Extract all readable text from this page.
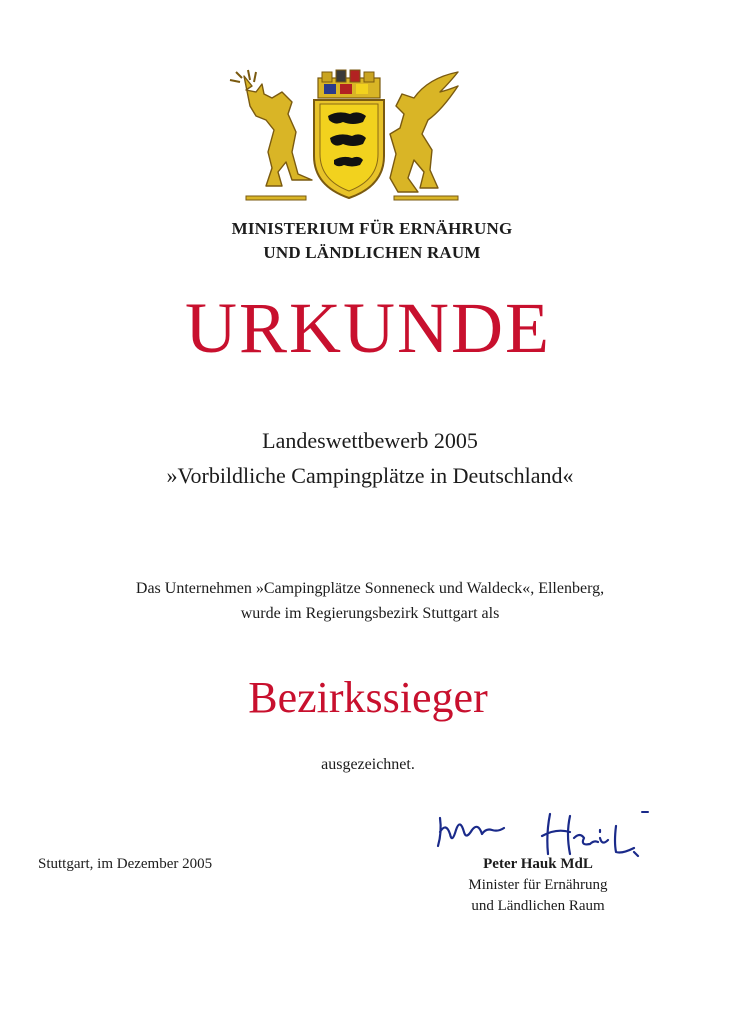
MINISTERIUM FÜR ERNÄHRUNG
UND LÄNDLICHEN RAUM
URKUNDE
Landeswettbewerb 2005
»Vorbildliche Campingplätze in Deutschland«
Das Unternehmen »Campingplätze Sonneneck und Waldeck«, Ellenberg,
wurde im Regierungsbezirk Stuttgart als
Bezirkssieger
ausgezeichnet.
Stuttgart, im Dezember 2005	Peter Hauk MdL
Minister für Ernährung
und Ländlichen Raum
